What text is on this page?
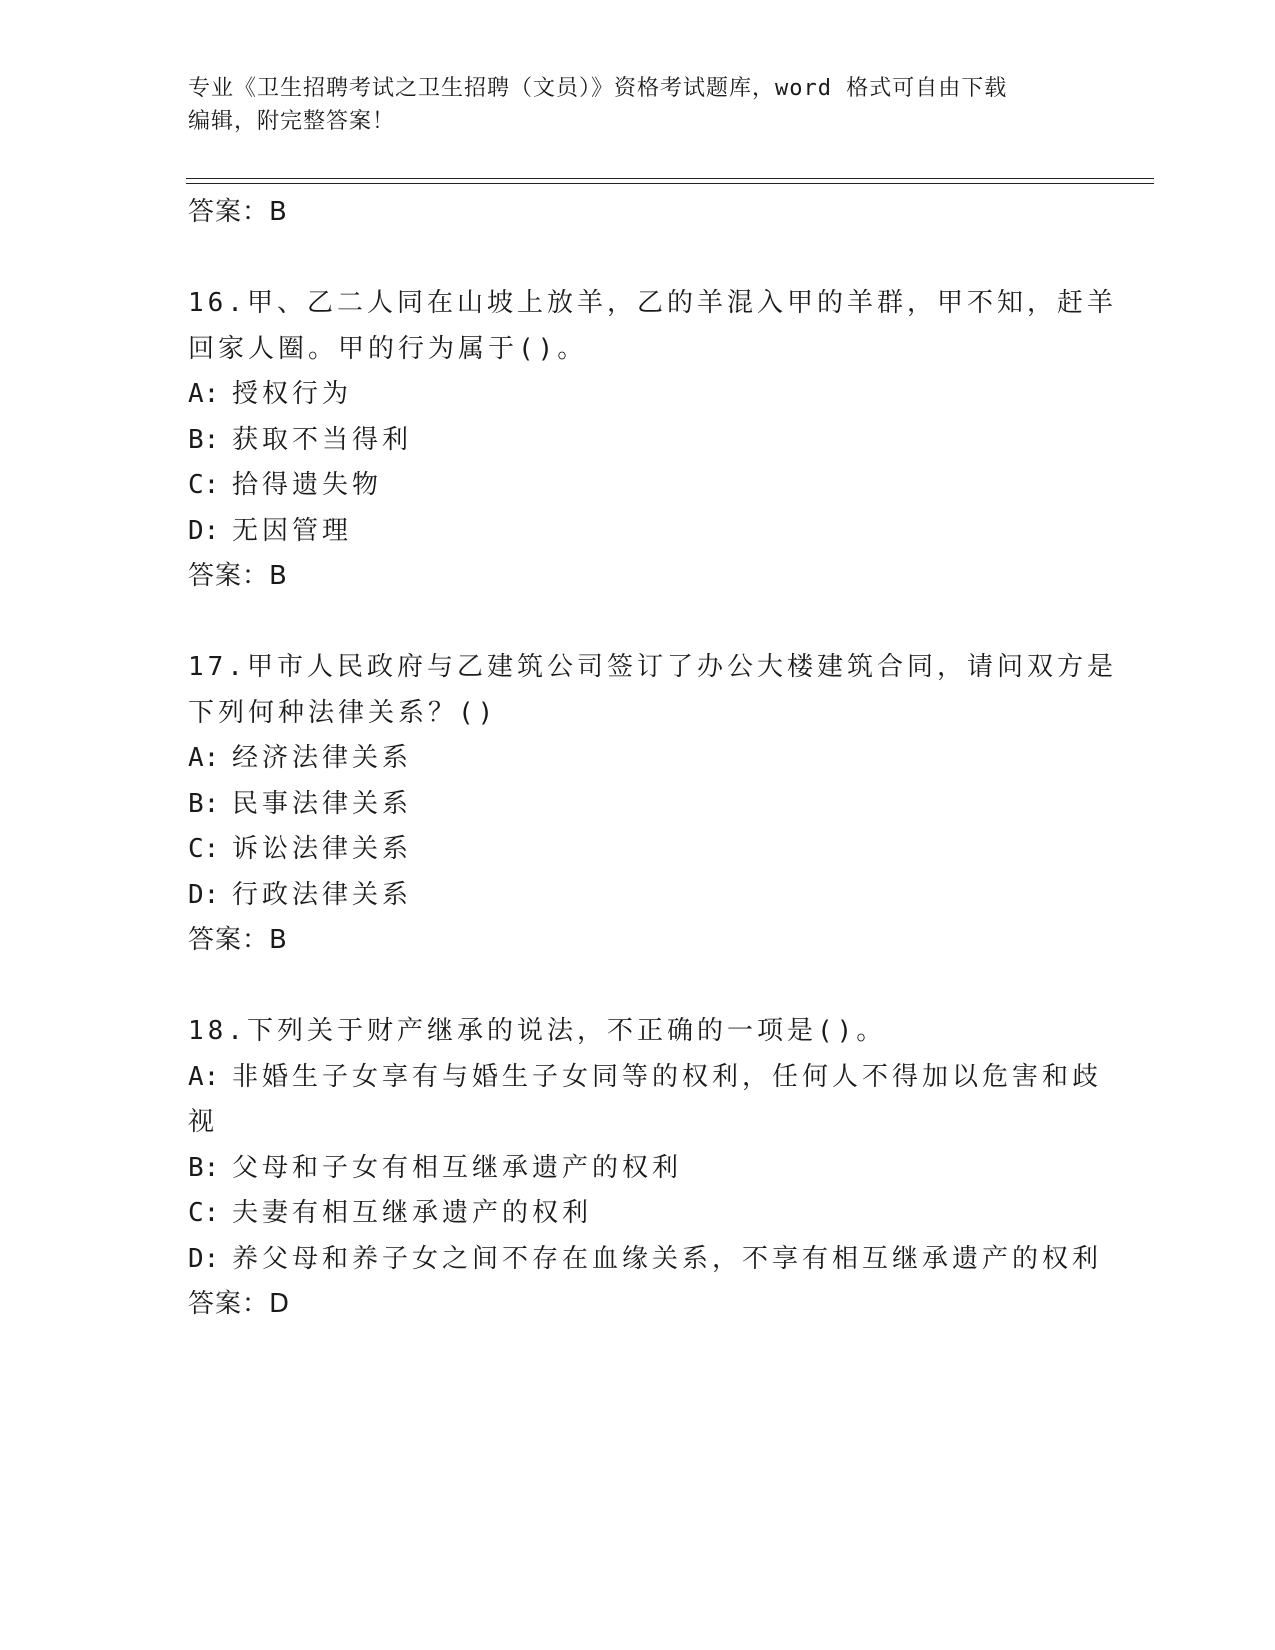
专业《卫生招聘考试之卫生招聘（文员）》资格考试题库，word 格式可自由下载
编辑，附完整答案！
答案：B
16.甲、乙二人同在山坡上放羊，乙的羊混入甲的羊群，甲不知，赶羊
回家人圈。甲的行为属于()。
A: 授权行为
B: 获取不当得利
C: 拾得遗失物
D: 无因管理
答案：B
17.甲市人民政府与乙建筑公司签订了办公大楼建筑合同，请问双方是
下列何种法律关系？()
A: 经济法律关系
B: 民事法律关系
C: 诉讼法律关系
D: 行政法律关系
答案：B
18.下列关于财产继承的说法，不正确的一项是()。
A: 非婚生子女享有与婚生子女同等的权利，任何人不得加以危害和歧
视
B: 父母和子女有相互继承遗产的权利
C: 夫妻有相互继承遗产的权利
D: 养父母和养子女之间不存在血缘关系，不享有相互继承遗产的权利
答案：D
